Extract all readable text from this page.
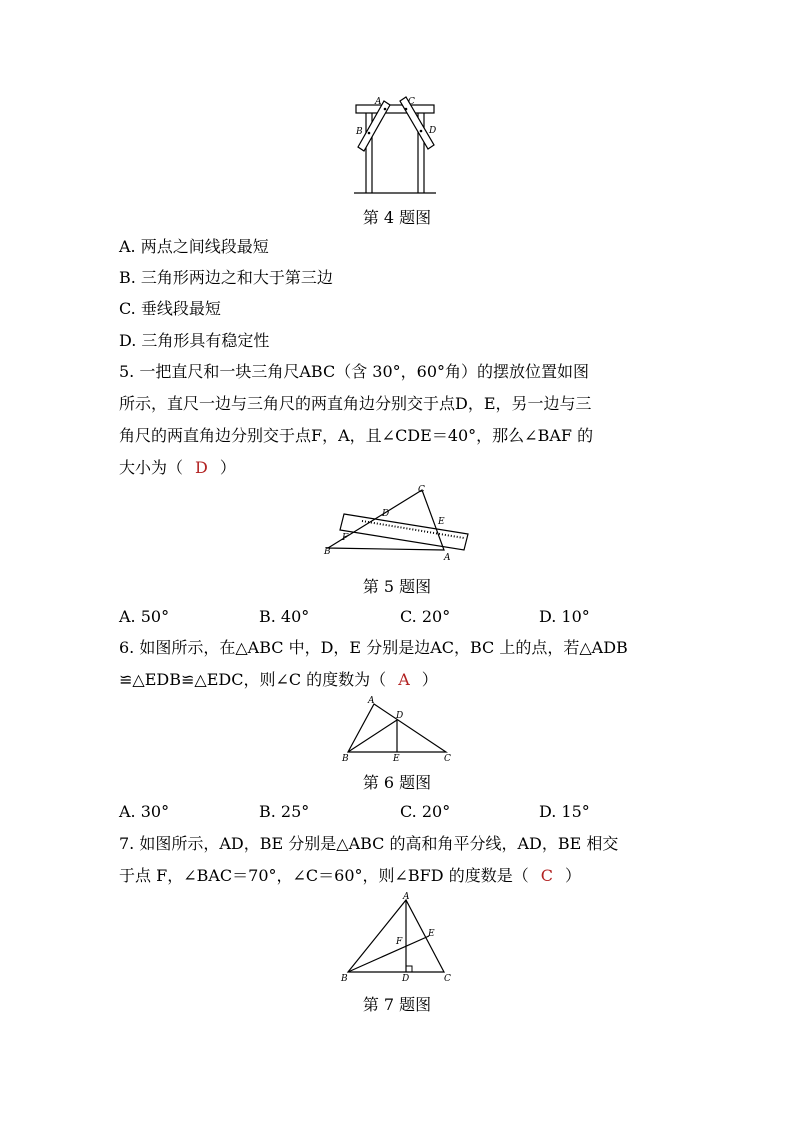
A	C
B	D
第 4 题图
A. 两点之间线段最短
B. 三角形两边之和大于第三边
C. 垂线段最短
D. 三角形具有稳定性
5. 一把直尺和一块三角尺ABC（含 30°，60°角）的摆放位置如图
所示，直尺一边与三角尺的两直角边分别交于点D，E，另一边与三
角尺的两直角边分别交于点F，A，且∠CDE＝40°，那么∠BAF 的
大小为（ D ）
C
D
E
F
B
A
第 5 题图
A. 50°	B. 40°	C. 20°	D. 10°
6. 如图所示，在△ABC 中，D，E 分别是边AC，BC 上的点，若△ADB
≌△EDB≌△EDC，则∠C 的度数为（ A ）
A
D
B	E	C
第 6 题图
A. 30°	B. 25°	C. 20°	D. 15°
7. 如图所示，AD，BE 分别是△ABC 的高和角平分线，AD，BE 相交
于点 F，∠BAC＝70°，∠C＝60°，则∠BFD 的度数是（ C ）
A
E
F
B	D	C
第 7 题图
